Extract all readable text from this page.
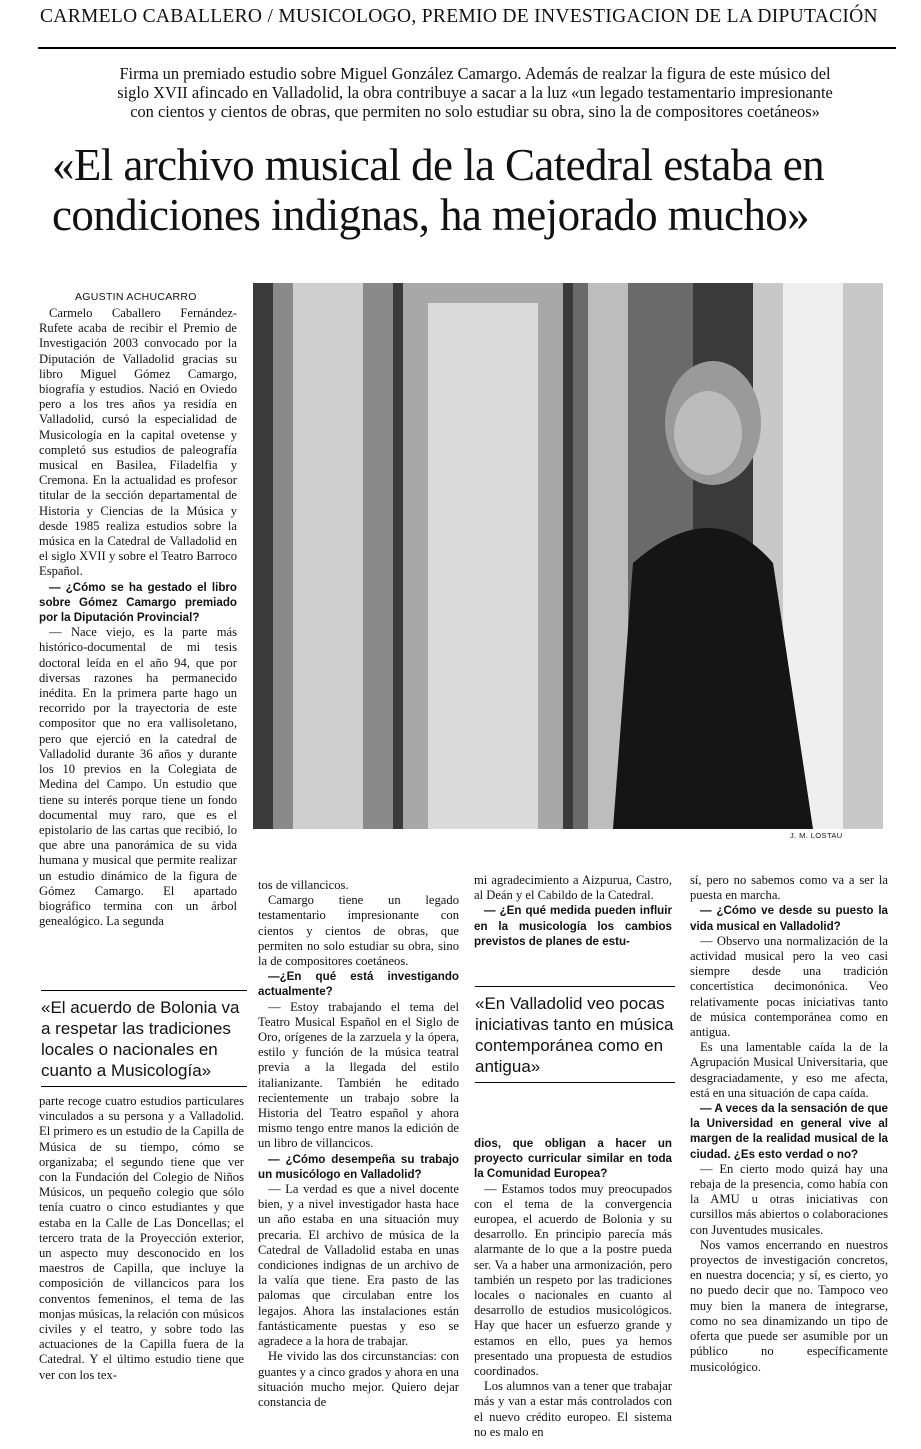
CARMELO CABALLERO / MUSICOLOGO, PREMIO DE INVESTIGACION DE LA DIPUTACIÓN

Firma un premiado estudio sobre Miguel González Camargo. Además de realzar la figura de este músico del

siglo XVII afincado en Valladolid, la obra contribuye a sacar a la luz «un legado testamentario impresionante

con cientos y cientos de obras, que permiten no solo estudiar su obra, sino la de compositores coetáneos»

«El archivo musical de la Catedral estaba en

condiciones indignas, ha mejorado mucho»

AGUSTIN ACHUCARRO

Carmelo Caballero Fernández-Rufete acaba de recibir el Premio de Investigación 2003 convocado por la Diputación de Valladolid gracias su libro Miguel Gómez Camargo, biografía y estudios. Nació en Oviedo pero a los tres años ya residía en Valladolid, cursó la especialidad de Musicología en la capital ovetense y completó sus estudios de paleografía musical en Basilea, Filadelfia y Cremona. En la actualidad es profesor titular de la sección departamental de Historia y Ciencias de la Música y desde 1985 realiza estudios sobre la música en la Catedral de Valladolid en el siglo XVII y sobre el Teatro Barroco Español.

— ¿Cómo se ha gestado el libro sobre Gómez Camargo premiado por la Diputación Provincial?

— Nace viejo, es la parte más histórico-documental de mi tesis doctoral leída en el año 94, que por diversas razones ha permanecido inédita. En la primera parte hago un recorrido por la trayectoria de este compositor que no era vallisoletano, pero que ejerció en la catedral de Valladolid durante 36 años y durante los 10 previos en la Colegiata de Medina del Campo. Un estudio que tiene su interés porque tiene un fondo documental muy raro, que es el epistolario de las cartas que recibió, lo que abre una panorámica de su vida humana y musical que permite realizar un estudio dinámico de la figura de Gómez Camargo. El apartado biográfico termina con un árbol genealógico. La segunda

J. M. LOSTAU
«El acuerdo de Bolonia va a respetar las tradiciones locales o nacionales en cuanto a Musicología»

parte recoge cuatro estudios particulares vinculados a su persona y a Valladolid. El primero es un estudio de la Capilla de Música de su tiempo, cómo se organizaba; el segundo tiene que ver con la Fundación del Colegio de Niños Músicos, un pequeño colegio que sólo tenía cuatro o cinco estudiantes y que estaba en la Calle de Las Doncellas; el tercero trata de la Proyección exterior, un aspecto muy desconocido en los maestros de Capilla, que incluye la composición de villancicos para los conventos femeninos, el tema de las monjas músicas, la relación con músicos civiles y el teatro, y sobre todo las actuaciones de la Capilla fuera de la Catedral. Y el último estudio tiene que ver con los tex-

tos de villancicos.

Camargo tiene un legado testamentario impresionante con cientos y cientos de obras, que permiten no solo estudiar su obra, sino la de compositores coetáneos.

—¿En qué está investigando actualmente?

— Estoy trabajando el tema del Teatro Musical Español en el Siglo de Oro, orígenes de la zarzuela y la ópera, estilo y función de la música teatral previa a la llegada del estilo italianizante. También he editado recientemente un trabajo sobre la Historia del Teatro español y ahora mismo tengo entre manos la edición de un libro de villancicos.

— ¿Cómo desempeña su trabajo un musicólogo en Valladolid?

— La verdad es que a nivel docente bien, y a nivel investigador hasta hace un año estaba en una situación muy precaria. El archivo de música de la Catedral de Valladolid estaba en unas condiciones indignas de un archivo de la valía que tiene. Era pasto de las palomas que circulaban entre los legajos. Ahora las instalaciones están fantásticamente puestas y eso se agradece a la hora de trabajar.

He vivido las dos circunstancias: con guantes y a cinco grados y ahora en una situación mucho mejor. Quiero dejar constancia de

mi agradecimiento a Aizpurua, Castro, al Deán y el Cabildo de la Catedral.

— ¿En qué medida pueden influir en la musicología los cambios previstos de planes de estu-

«En Valladolid veo pocas iniciativas tanto en música contemporánea como en antigua»

dios, que obligan a hacer un proyecto curricular similar en toda la Comunidad Europea?

— Estamos todos muy preocupados con el tema de la convergencia europea, el acuerdo de Bolonia y su desarrollo. En principio parecía más alarmante de lo que a la postre pueda ser. Va a haber una armonización, pero también un respeto por las tradiciones locales o nacionales en cuanto al desarrollo de estudios musicológicos. Hay que hacer un esfuerzo grande y estamos en ello, pues ya hemos presentado una propuesta de estudios coordinados.

Los alumnos van a tener que trabajar más y van a estar más controlados con el nuevo crédito europeo. El sistema no es malo en

sí, pero no sabemos como va a ser la puesta en marcha.

— ¿Cómo ve desde su puesto la vida musical en Valladolid?

— Observo una normalización de la actividad musical pero la veo casi siempre desde una tradición concertística decimonónica. Veo relativamente pocas iniciativas tanto de música contemporánea como en antigua.

Es una lamentable caída la de la Agrupación Musical Universitaria, que desgraciadamente, y eso me afecta, está en una situación de capa caída.

— A veces da la sensación de que la Universidad en general vive al margen de la realidad musical de la ciudad. ¿Es esto verdad o no?

— En cierto modo quizá hay una rebaja de la presencia, como había con la AMU u otras iniciativas con cursillos más abiertos o colaboraciones con Juventudes musicales.

Nos vamos encerrando en nuestros proyectos de investigación concretos, en nuestra docencia; y sí, es cierto, yo no puedo decir que no. Tampoco veo muy bien la manera de integrarse, como no sea dinamizando un tipo de oferta que puede ser asumible por un público no específicamente musicológico.
